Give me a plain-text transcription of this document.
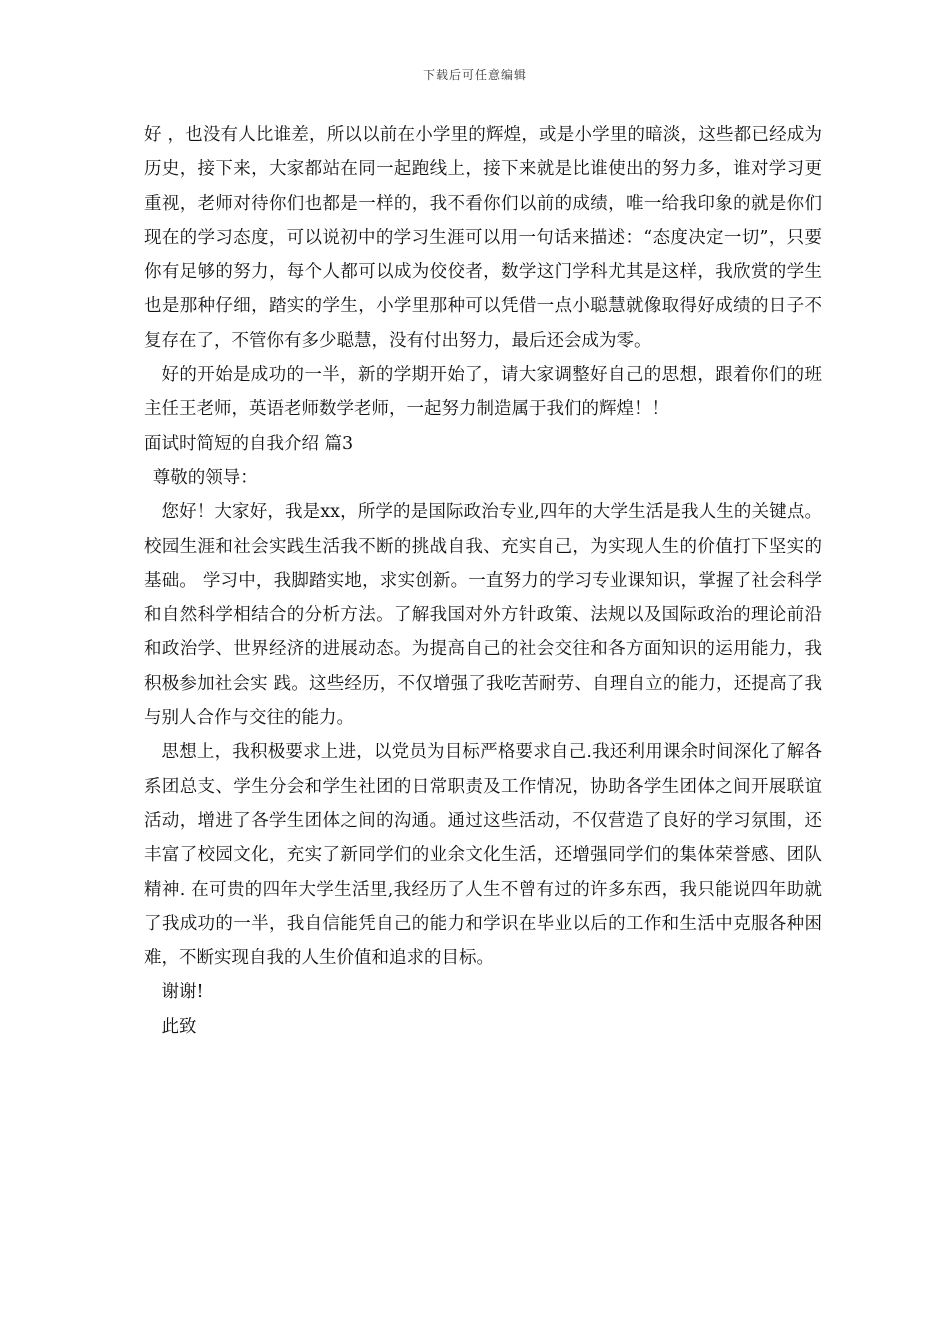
下载后可任意编辑

好 ，也没有人比谁差，所以以前在小学里的辉煌，或是小学里的暗淡，这些都已经成为历史，接下来，大家都站在同一起跑线上，接下来就是比谁使出的努力多，谁对学习更重视，老师对待你们也都是一样的，我不看你们以前的成绩，唯一给我印象的就是你们现在的学习态度，可以说初中的学习生涯可以用一句话来描述：“态度决定一切”，只要你有足够的努力，每个人都可以成为佼佼者，数学这门学科尤其是这样，我欣赏的学生也是那种仔细，踏实的学生，小学里那种可以凭借一点小聪慧就像取得好成绩的日子不复存在了，不管你有多少聪慧，没有付出努力，最后还会成为零。

好的开始是成功的一半，新的学期开始了，请大家调整好自己的思想，跟着你们的班主任王老师，英语老师数学老师，一起努力制造属于我们的辉煌！！

面试时简短的自我介绍 篇3

尊敬的领导：

您好！大家好，我是xx，所学的是国际政治专业,四年的大学生活是我人生的关键点。校园生涯和社会实践生活我不断的挑战自我、充实自己，为实现人生的价值打下坚实的基础。 学习中，我脚踏实地，求实创新。一直努力的学习专业课知识，掌握了社会科学和自然科学相结合的分析方法。了解我国对外方针政策、法规以及国际政治的理论前沿和政治学、世界经济的进展动态。为提高自己的社会交往和各方面知识的运用能力，我积极参加社会实 践。这些经历，不仅增强了我吃苦耐劳、自理自立的能力，还提高了我与别人合作与交往的能力。

思想上，我积极要求上进，以党员为目标严格要求自己.我还利用课余时间深化了解各系团总支、学生分会和学生社团的日常职责及工作情况，协助各学生团体之间开展联谊活动，增进了各学生团体之间的沟通。通过这些活动，不仅营造了良好的学习氛围，还丰富了校园文化，充实了新同学们的业余文化生活，还增强同学们的集体荣誉感、团队精神. 在可贵的四年大学生活里,我经历了人生不曾有过的许多东西，我只能说四年助就了我成功的一半，我自信能凭自己的能力和学识在毕业以后的工作和生活中克服各种困难，不断实现自我的人生价值和追求的目标。

谢谢!

此致
